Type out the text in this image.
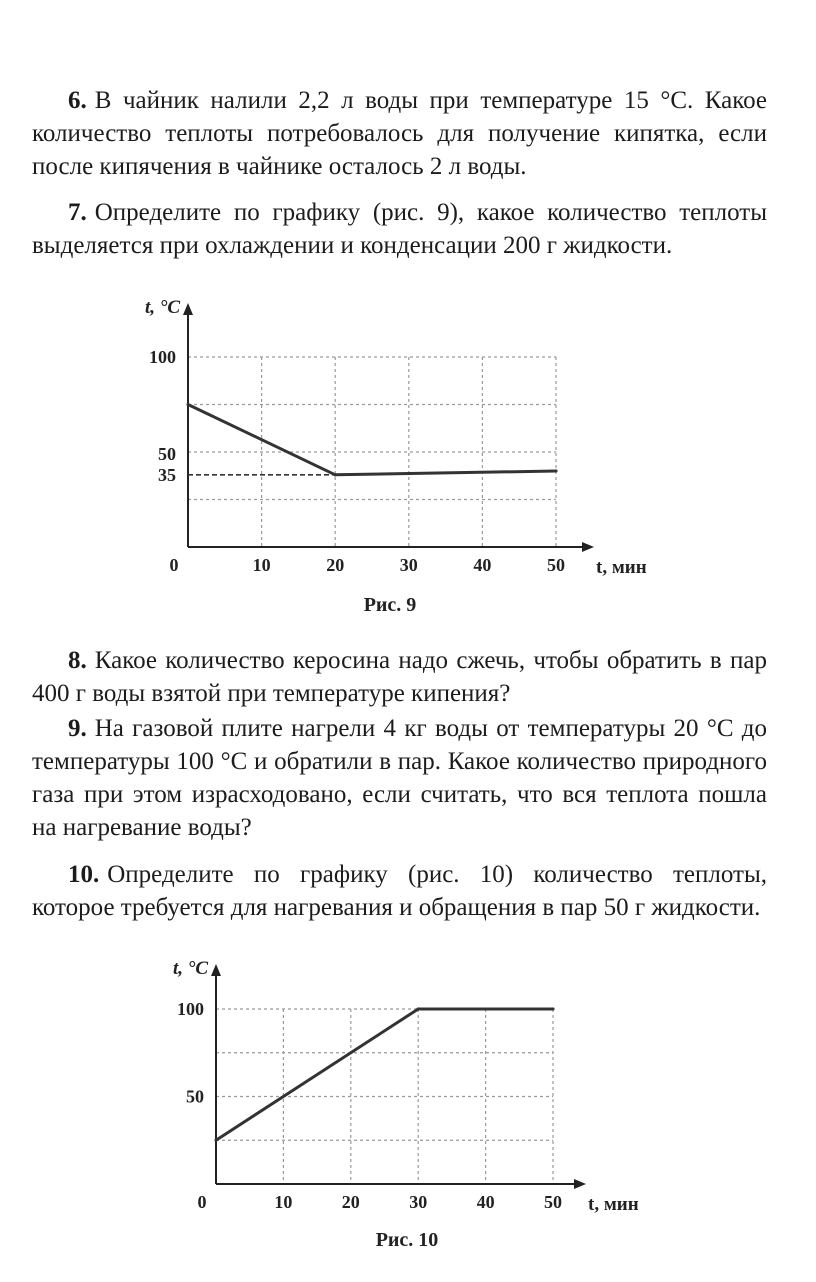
6. В чайник налили 2,2 л воды при температуре 15 °С. Какое количество теплоты потребовалось для получение кипятка, если после кипячения в чайнике осталось 2 л воды.
7. Определите по графику (рис. 9), какое количество теплоты выделяется при охлаждении и конденсации 200 г жидкости.
t, °С
t, мин
0	10	20	30	40	50
100
50
35
Рис. 9
8. Какое количество керосина надо сжечь, чтобы обратить в пар 400 г воды взятой при температуре кипения?
9. На газовой плите нагрели 4 кг воды от температуры 20 °С до температуры 100 °С и обратили в пар. Какое количество природного газа при этом израсходовано, если считать, что вся теплота пошла на нагревание воды?
10. Определите по графику (рис. 10) количество теплоты, которое требуется для нагревания и обращения в пар 50 г жидкости.
t, °С
t, мин
0	10	20	30	40	50
100
50
Рис. 10
